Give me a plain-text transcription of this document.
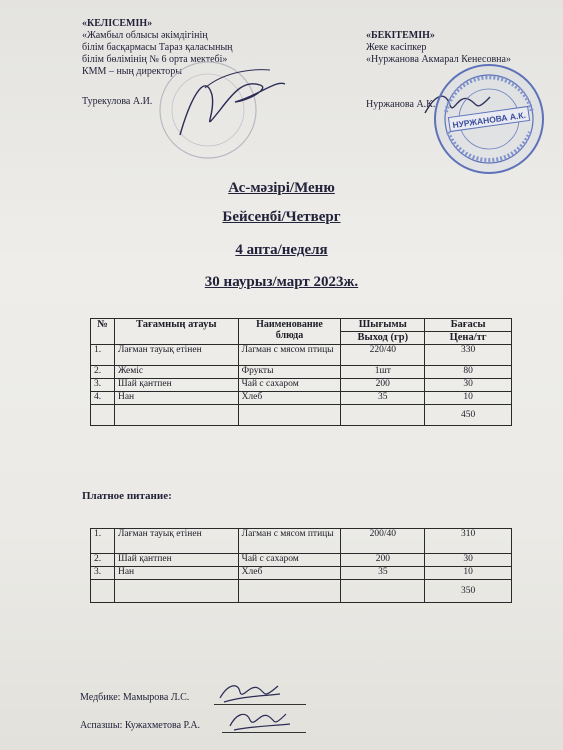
«КЕЛІСЕМІН»
«Жамбыл облысы әкімдігінің
білім басқармасы Тараз қаласының
білім бөлімінің № 6 орта мектебі»
КММ – ның директоры
Турекулова А.И.
«БЕКІТЕМІН»
Жеке кәсіпкер
«Нуржанова Акмарал Кенесовна»
Нуржанова А.К.
НУРЖАНОВА А.К.
Ас-мәзірі/Меню
Бейсенбі/Четверг
4 апта/неделя
30 наурыз/март 2023ж.
№	Тағамның атауы	Наименование блюда	Шығымы	Бағасы
			Выход (гр)	Цена/тг
1.	Лағман тауық етінен	Лагман с мясом птицы	220/40	330
2.	Жеміс	Фрукты	1шт	80
3.	Шай қантпен	Чай с сахаром	200	30
4.	Нан	Хлеб	35	10
				450
Платное питание:
1.	Лағман тауық етінен	Лагман с мясом птицы	200/40	310
2.	Шай қантпен	Чай с сахаром	200	30
3.	Нан	Хлеб	35	10
				350
Медбике: Мамырова Л.С.
Аспазшы: Кужахметова Р.А.
